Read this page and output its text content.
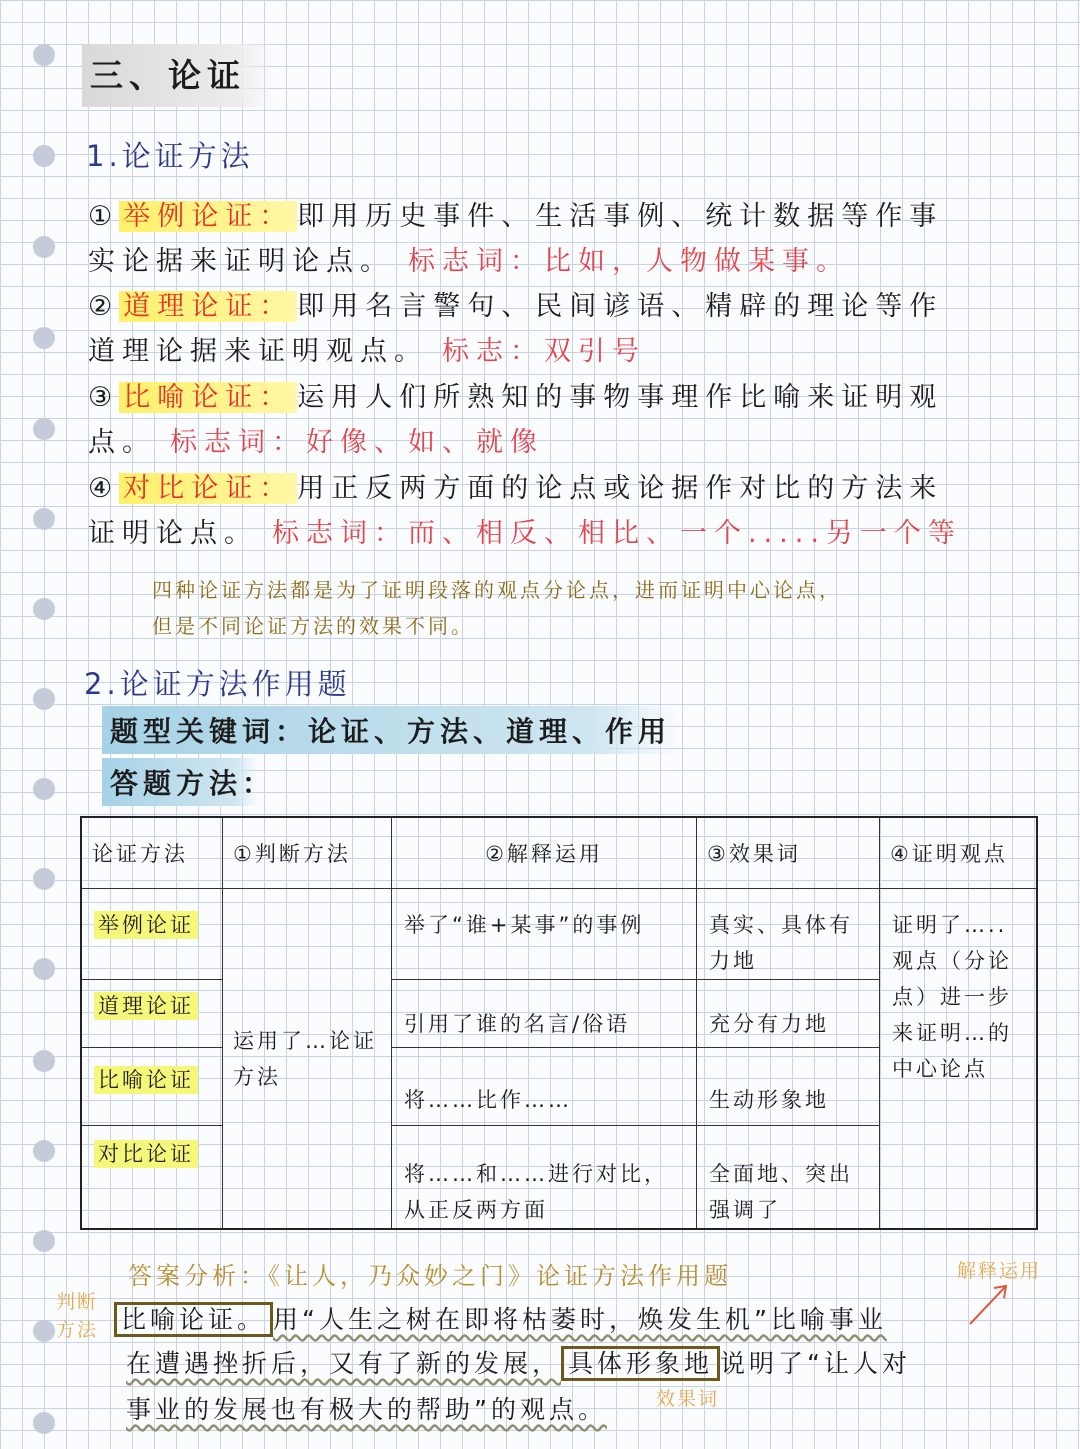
三、论证
1.论证方法
① 举例论证： 即用历史事件、生活事例、统计数据等作事
实论据来证明论点。 标志词：比如，人物做某事。
② 道理论证： 即用名言警句、民间谚语、精辟的理论等作
道理论据来证明观点。 标志：双引号
③ 比喻论证： 运用人们所熟知的事物事理作比喻来证明观
点。 标志词：好像、如、就像
④ 对比论证： 用正反两方面的论点或论据作对比的方法来
证明论点。 标志词：而、相反、相比、一个.....另一个等
四种论证方法都是为了证明段落的观点分论点，进而证明中心论点，
但是不同论证方法的效果不同。
2.论证方法作用题
题型关键词：论证、方法、道理、作用
答题方法：
论证方法	①判断方法	②解释运用	③效果词	④证明观点
举例论证	运用了…论证方法	举了“谁+某事”的事例	真实、具体有力地	证明了…..观点（分论点）进一步来证明…的中心论点
道理论证		引用了谁的名言/俗语	充分有力地	
比喻论证		将……比作……	生动形象地	
对比论证		将……和……进行对比，从正反两方面	全面地、突出强调了	
答案分析：《让人，乃众妙之门》论证方法作用题	解释运用
判断方法 比喻论证。 用“人生之树在即将枯萎时，焕发生机”比喻事业
在遭遇挫折后，又有了新的发展， 具体形象地 说明了“让人对
事业的发展也有极大的帮助”的观点。	效果词
